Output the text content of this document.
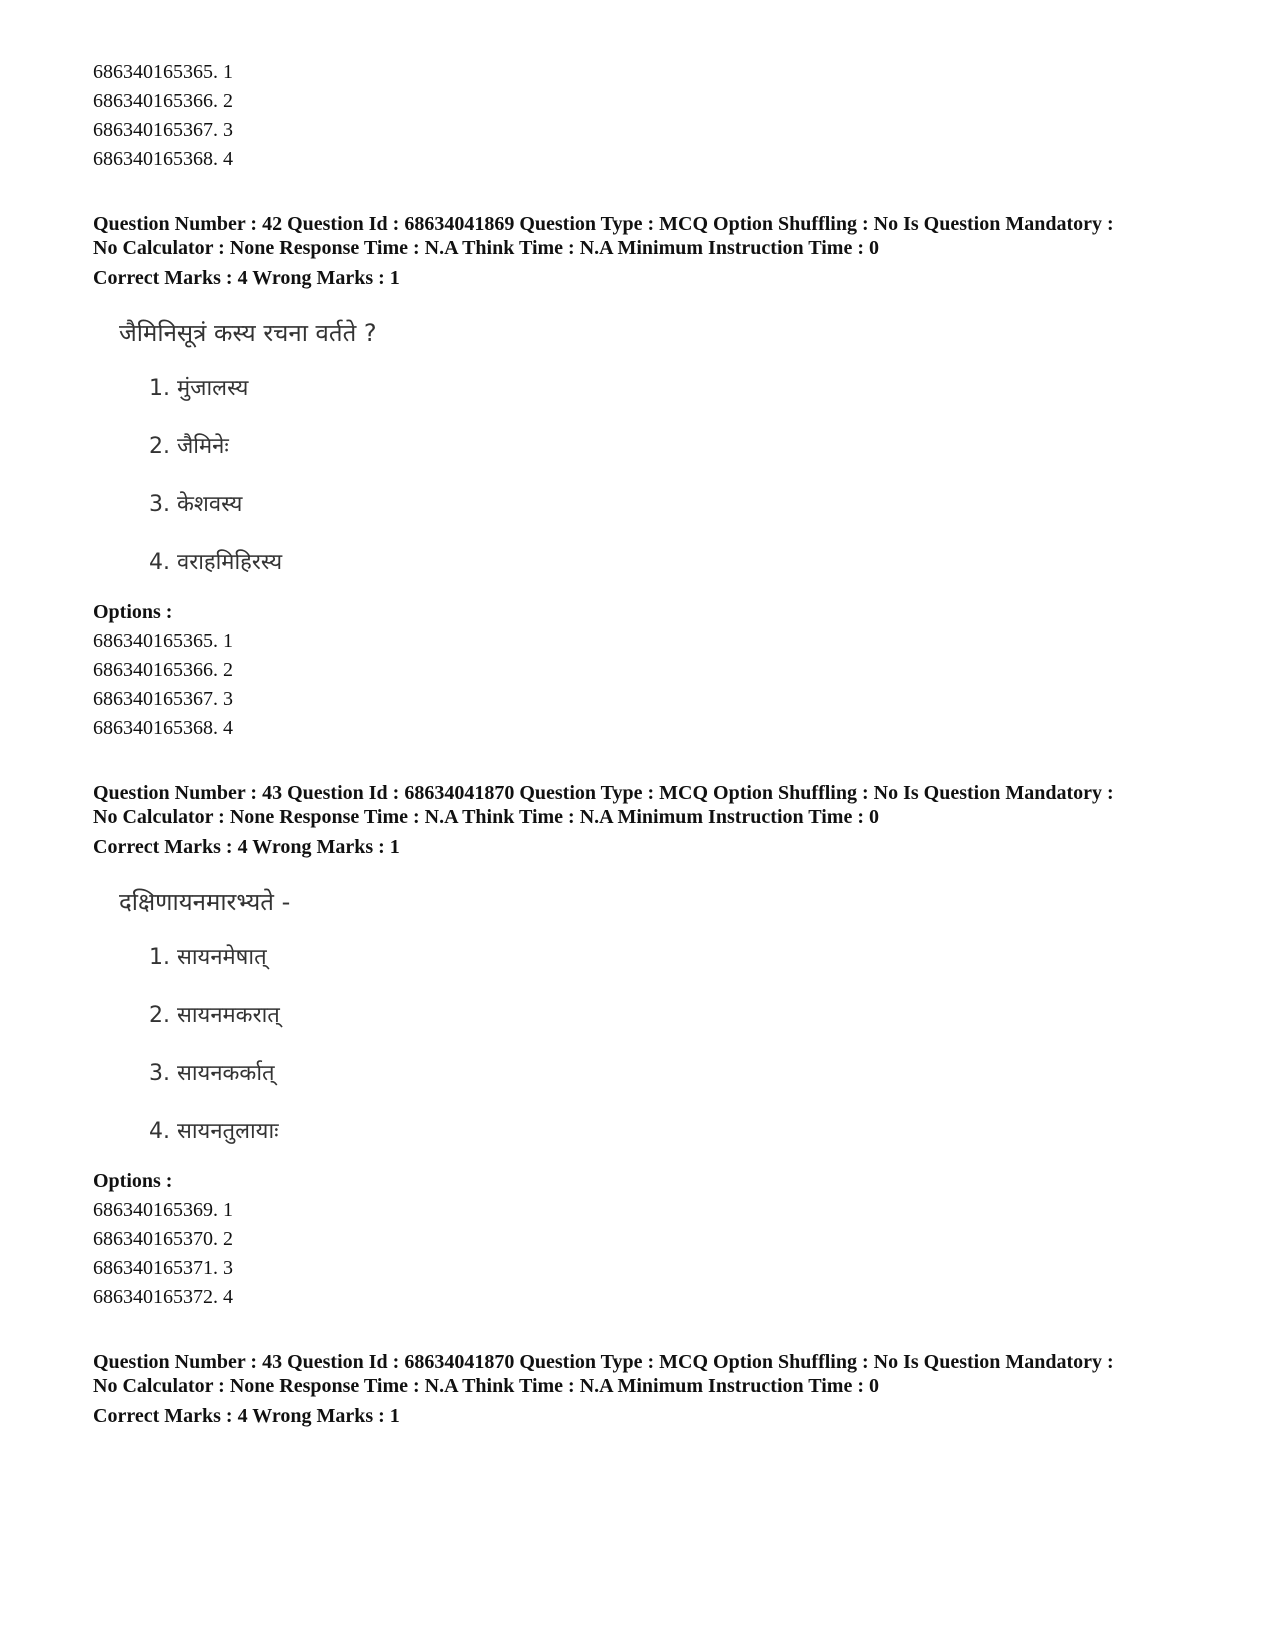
686340165365. 1

686340165366. 2

686340165367. 3

686340165368. 4

Question Number : 42 Question Id : 68634041869 Question Type : MCQ Option Shuffling : No Is Question Mandatory :

No Calculator : None Response Time : N.A Think Time : N.A Minimum Instruction Time : 0

Correct Marks : 4 Wrong Marks : 1

जैमिनिसूत्रं कस्य रचना वर्तते ?

1. मुंजालस्य

2. जैमिनेः

3. केशवस्य

4. वराहमिहिरस्य

Options :

686340165365. 1

686340165366. 2

686340165367. 3

686340165368. 4

Question Number : 43 Question Id : 68634041870 Question Type : MCQ Option Shuffling : No Is Question Mandatory :

No Calculator : None Response Time : N.A Think Time : N.A Minimum Instruction Time : 0

Correct Marks : 4 Wrong Marks : 1

दक्षिणायनमारभ्यते -

1. सायनमेषात्

2. सायनमकरात्

3. सायनकर्कात्

4. सायनतुलायाः

Options :

686340165369. 1

686340165370. 2

686340165371. 3

686340165372. 4

Question Number : 43 Question Id : 68634041870 Question Type : MCQ Option Shuffling : No Is Question Mandatory :

No Calculator : None Response Time : N.A Think Time : N.A Minimum Instruction Time : 0

Correct Marks : 4 Wrong Marks : 1
